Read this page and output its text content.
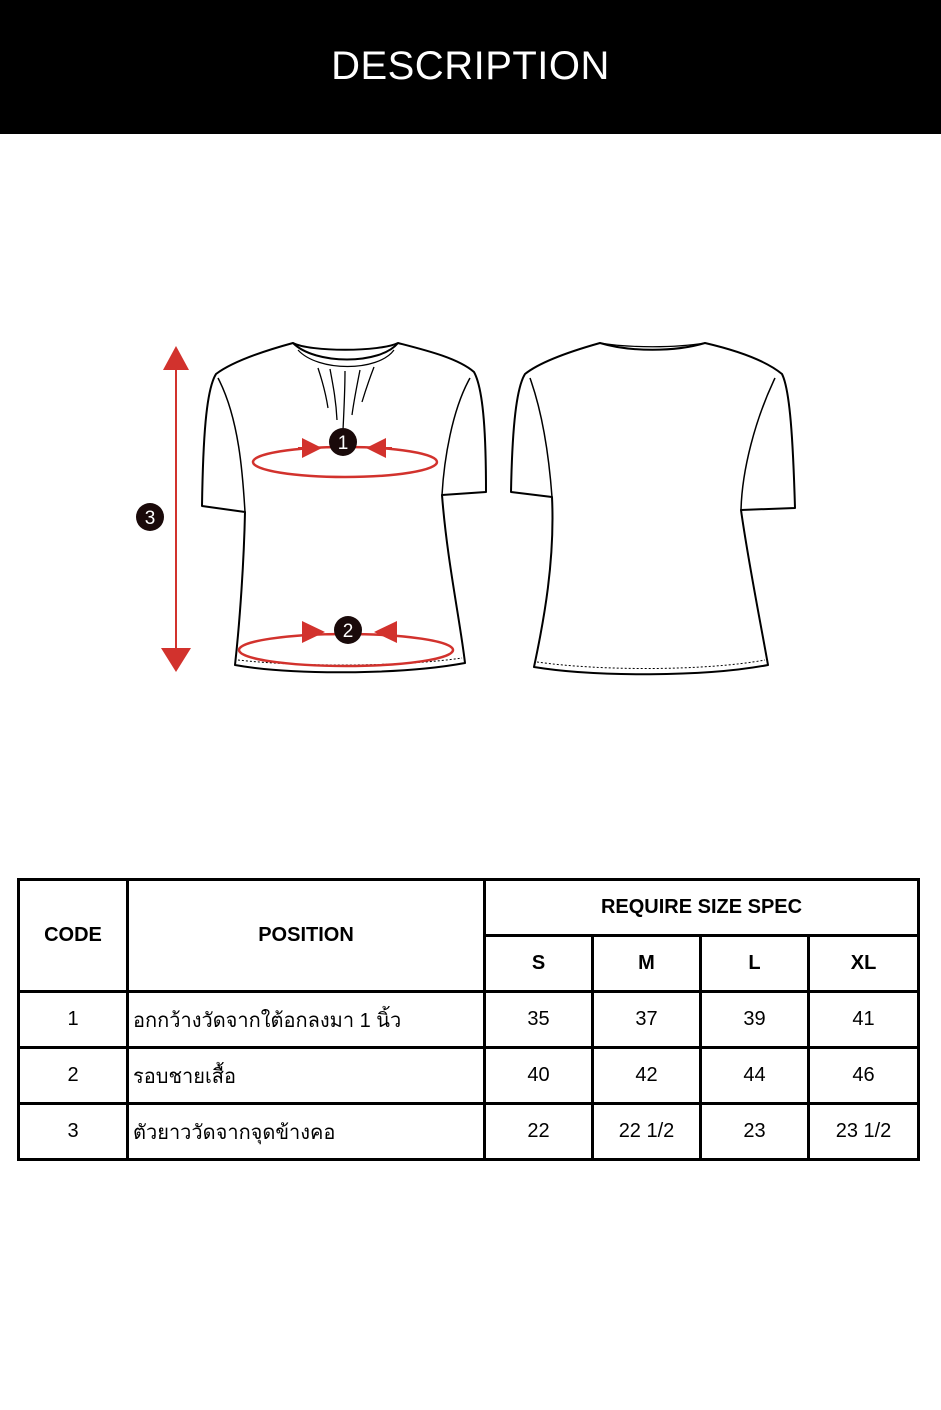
DESCRIPTION
1
2
3
CODE	POSITION	REQUIRE SIZE SPEC			
		S	M	L	XL
1	อกกว้างวัดจากใต้อกลงมา 1 นิ้ว	35	37	39	41
2	รอบชายเสื้อ	40	42	44	46
3	ตัวยาววัดจากจุดข้างคอ	22	22 1/2	23	23 1/2
